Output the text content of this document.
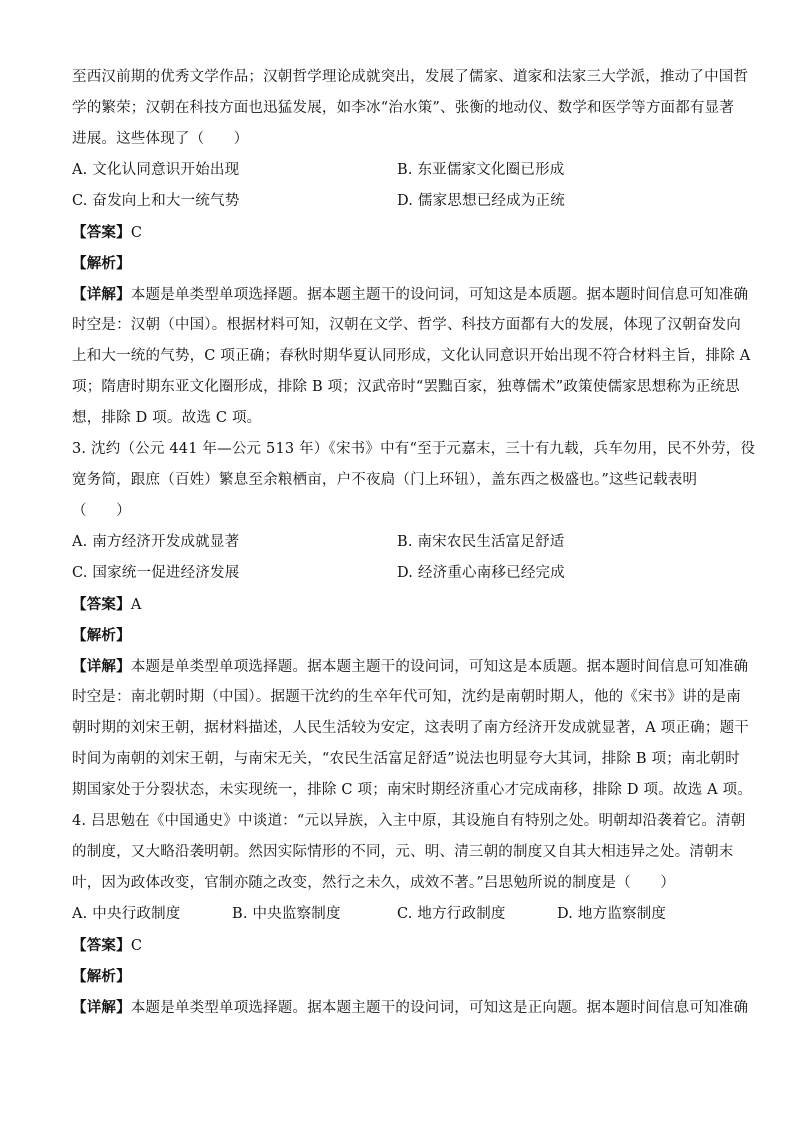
至西汉前期的优秀文学作品；汉朝哲学理论成就突出，发展了儒家、道家和法家三大学派，推动了中国哲
学的繁荣；汉朝在科技方面也迅猛发展，如李冰“治水策”、张衡的地动仪、数学和医学等方面都有显著
进展。这些体现了（　　）
A. 文化认同意识开始出现	B. 东亚儒家文化圈已形成
C. 奋发向上和大一统气势	D. 儒家思想已经成为正统
【答案】C
【解析】
【详解】本题是单类型单项选择题。据本题主题干的设问词，可知这是本质题。据本题时间信息可知准确
时空是：汉朝（中国）。根据材料可知，汉朝在文学、哲学、科技方面都有大的发展，体现了汉朝奋发向
上和大一统的气势，C 项正确；春秋时期华夏认同形成，文化认同意识开始出现不符合材料主旨，排除 A
项；隋唐时期东亚文化圈形成，排除 B 项；汉武帝时“罢黜百家，独尊儒术”政策使儒家思想称为正统思
想，排除 D 项。故选 C 项。
3. 沈约（公元 441 年—公元 513 年）《宋书》中有“至于元嘉末，三十有九载，兵车勿用，民不外劳，役
宽务简，跟庶（百姓）繁息至余粮栖亩，户不夜扃（门上环钮），盖东西之极盛也。”这些记载表明
（　　）
A. 南方经济开发成就显著	B. 南宋农民生活富足舒适
C. 国家统一促进经济发展	D. 经济重心南移已经完成
【答案】A
【解析】
【详解】本题是单类型单项选择题。据本题主题干的设问词，可知这是本质题。据本题时间信息可知准确
时空是：南北朝时期（中国）。据题干沈约的生卒年代可知，沈约是南朝时期人，他的《宋书》讲的是南
朝时期的刘宋王朝，据材料描述，人民生活较为安定，这表明了南方经济开发成就显著，A 项正确；题干
时间为南朝的刘宋王朝，与南宋无关，“农民生活富足舒适”说法也明显夸大其词，排除 B 项；南北朝时
期国家处于分裂状态，未实现统一，排除 C 项；南宋时期经济重心才完成南移，排除 D 项。故选 A 项。
4. 吕思勉在《中国通史》中谈道：“元以异族，入主中原，其设施自有特别之处。明朝却沿袭着它。清朝
的制度，又大略沿袭明朝。然因实际情形的不同，元、明、清三朝的制度又自其大相违异之处。清朝末
叶，因为政体改变，官制亦随之改变，然行之未久，成效不著。”吕思勉所说的制度是（　　）
A. 中央行政制度	B. 中央监察制度	C. 地方行政制度	D. 地方监察制度
【答案】C
【解析】
【详解】本题是单类型单项选择题。据本题主题干的设问词，可知这是正向题。据本题时间信息可知准确
